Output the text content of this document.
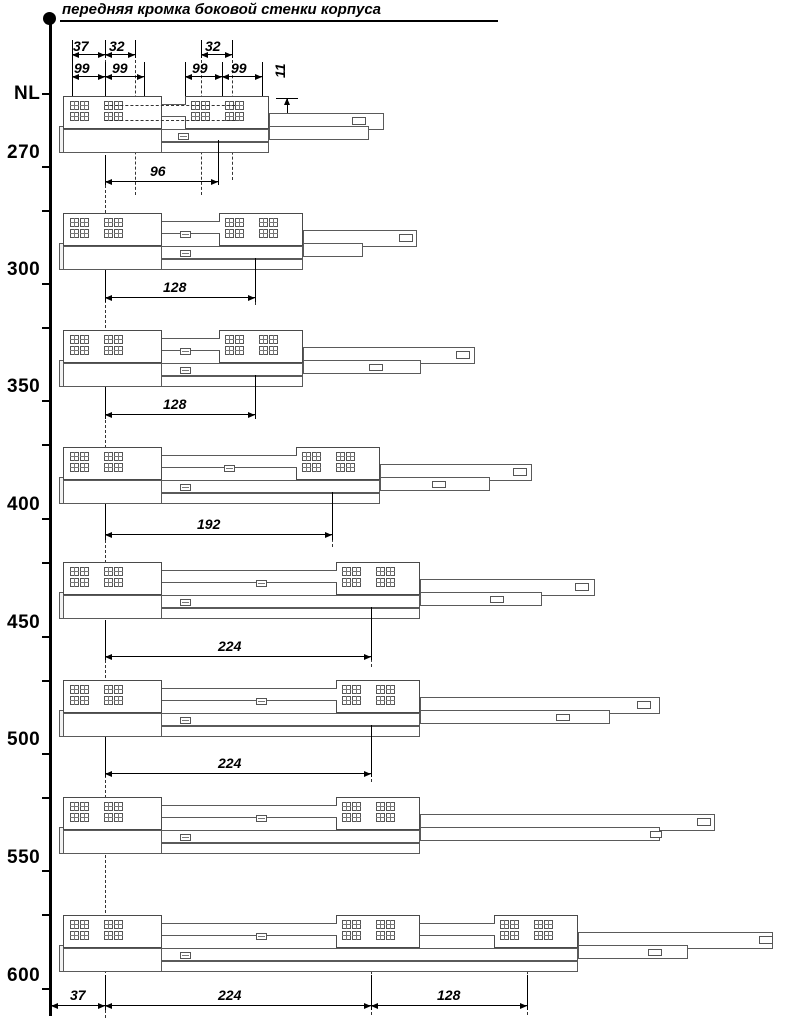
передняя кромка боковой стенки корпуса
37 32	32
99 99	99 99 11
NL
270
96
300
128
350
128
400
192
450
224
500
224
550
600
37	224	128
